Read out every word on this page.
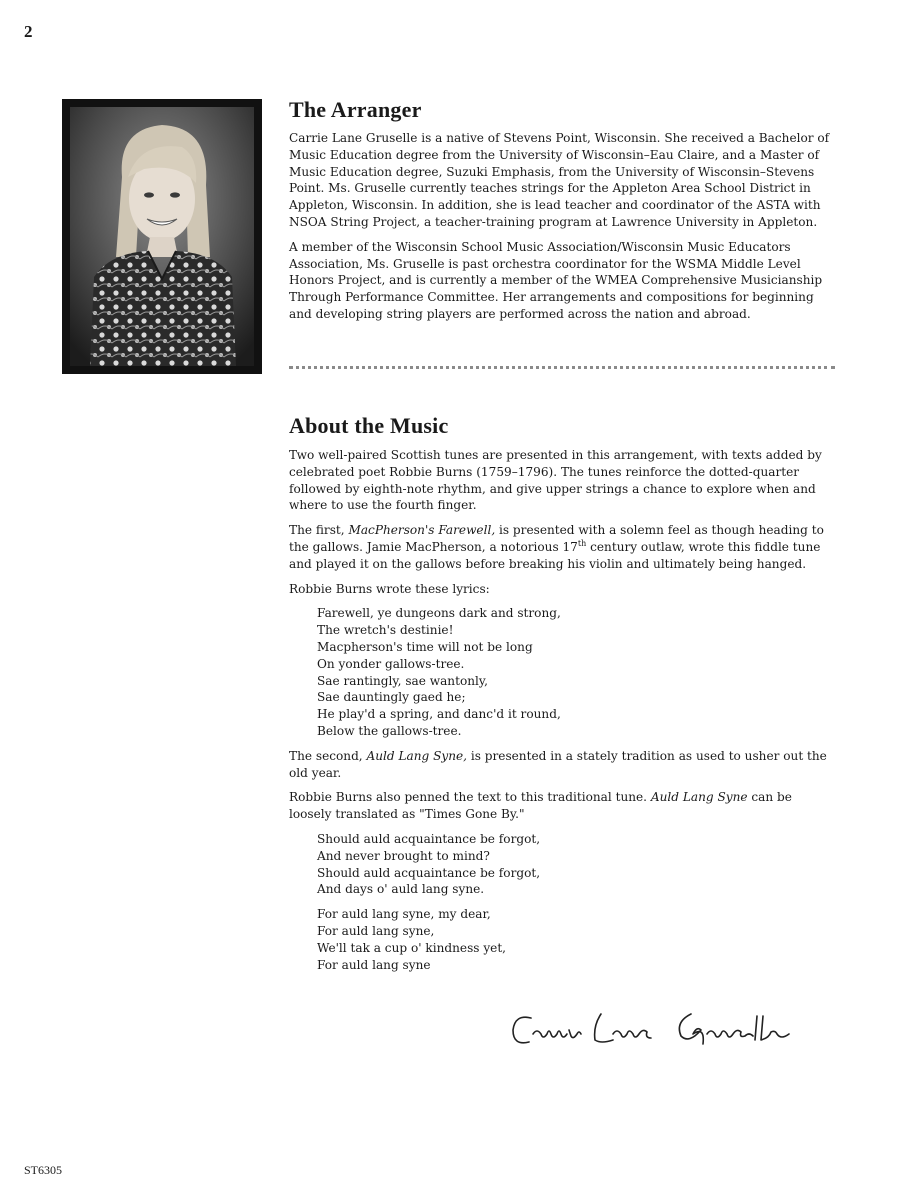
2
The Arranger

Carrie Lane Gruselle is a native of Stevens Point, Wisconsin. She received a Bachelor of Music Education degree from the University of Wisconsin–Eau Claire, and a Master of Music Education degree, Suzuki Emphasis, from the University of Wisconsin–Stevens Point. Ms. Gruselle currently teaches strings for the Appleton Area School District in Appleton, Wisconsin. In addition, she is lead teacher and coordinator of the ASTA with NSOA String Project, a teacher-training program at Lawrence University in Appleton.

A member of the Wisconsin School Music Association/Wisconsin Music Educators Association, Ms. Gruselle is past orchestra coordinator for the WSMA Middle Level Honors Project, and is currently a member of the WMEA Comprehensive Musicianship Through Performance Committee. Her arrangements and compositions for beginning and developing string players are performed across the nation and abroad.

About the Music

Two well-paired Scottish tunes are presented in this arrangement, with texts added by celebrated poet Robbie Burns (1759–1796). The tunes reinforce the dotted-quarter followed by eighth-note rhythm, and give upper strings a chance to explore when and where to use the fourth finger.

The first, MacPherson's Farewell, is presented with a solemn feel as though heading to the gallows. Jamie MacPherson, a notorious 17th century outlaw, wrote this fiddle tune and played it on the gallows before breaking his violin and ultimately being hanged.

Robbie Burns wrote these lyrics:

Farewell, ye dungeons dark and strong,
The wretch's destinie!
Macpherson's time will not be long
On yonder gallows-tree.
Sae rantingly, sae wantonly,
Sae dauntingly gaed he;
He play'd a spring, and danc'd it round,
Below the gallows-tree.

The second, Auld Lang Syne, is presented in a stately tradition as used to usher out the old year.

Robbie Burns also penned the text to this traditional tune. Auld Lang Syne can be loosely translated as "Times Gone By."

Should auld acquaintance be forgot,
And never brought to mind?
Should auld acquaintance be forgot,
And days o' auld lang syne.
For auld lang syne, my dear,
For auld lang syne,
We'll tak a cup o' kindness yet,
For auld lang syne
ST6305
